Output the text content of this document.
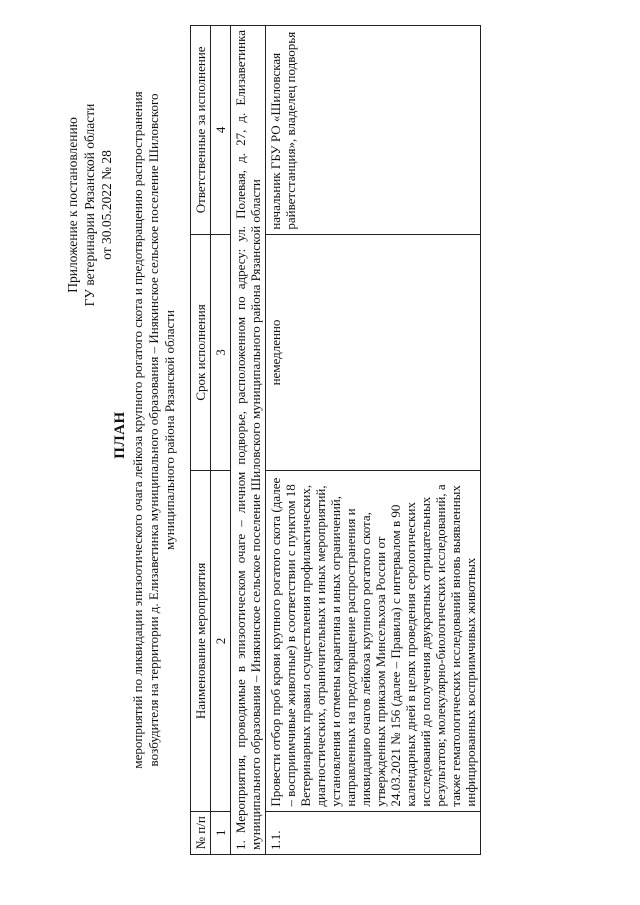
Приложение к постановлению ГУ ветеринарии Рязанской области от 30.05.2022 № 28
ПЛАН мероприятий по ликвидации эпизоотического очага лейкоза крупного рогатого скота и предотвращению распространения возбудителя на территории д. Елизаветинка муниципального образования – Инякинское сельское поселение Шиловского муниципального района Рязанской области
№ п/п	Наименование мероприятия	Срок исполнения	Ответственные за исполнение
1	2	3	4

1. Мероприятия, проводимые в эпизоотическом очаге – личном подворье, расположенном по адресу: ул. Полевая, д. 27, д. Елизаветинка муниципального образования – Инякинское сельское поселение Шиловского муниципального района Рязанской области			

1.1.	Провести отбор проб крови крупного рогатого скота (далее – восприимчивые животные) в соответствии с пунктом 18 Ветеринарных правил осуществления профилактических, диагностических, ограничительных и иных мероприятий, установления и отмены карантина и иных ограничений, направленных на предотвращение распространения и ликвидацию очагов лейкоза крупного рогатого скота, утвержденных приказом Минсельхоза России от 24.03.2021 № 156 (далее – Правила) с интервалом в 90 календарных дней в целях проведения серологических исследований до получения двукратных отрицательных результатов; молекулярно-биологических исследований, а также гематологических исследований вновь выявленных инфицированных восприимчивых животных	немедленно	начальник ГБУ РО «Шиловская райветстанция», владелец подворья
